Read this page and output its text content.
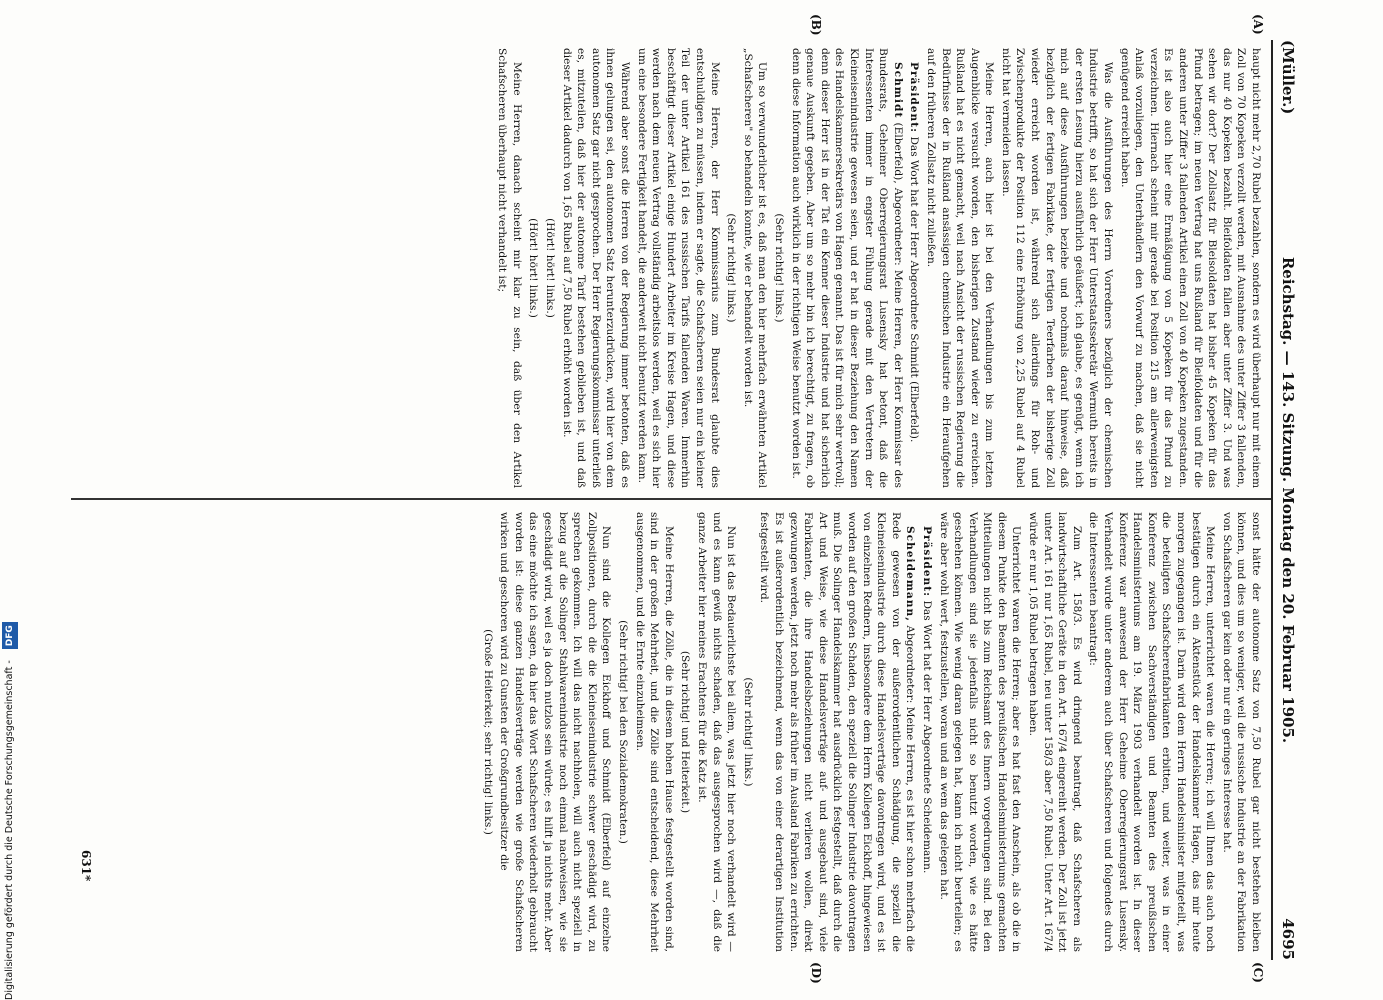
(Müller.)
Reichstag. — 143. Sitzung. Montag den 20. Februar 1905.
4695
(A)
(B)
(C)
(D)

haupt nicht mehr 2,70 Rubel bezahlen, sondern es wird überhaupt nur mit einem Zoll von 70 Kopeken verzollt werden, mit Ausnahme des unter Ziffer 3 fallenden, das nur 40 Kopeken bezahlt. Bleifoldaten fallen aber unter Ziffer 3. Und was sehen wir dort? Der Zollsatz für Bleisoldaten hat bisher 45 Kopeken für das Pfund betragen; im neuen Vertrag hat uns Rußland für Bleifoldaten und für die anderen unter Ziffer 3 fallenden Artikel einen Zoll von 40 Kopeken zugestanden. Es ist also auch hier eine Ermäßigung von 5 Kopeken für das Pfund zu verzeichnen. Hiernach scheint mir gerade bei Position 215 am allerwenigsten Anlaß vorzuliegen, den Unterhändlern den Vorwurf zu machen, daß sie nicht genügend erreicht haben.

Was die Ausführungen des Herrn Vorredners bezüglich der chemischen Industrie betrifft, so hat sich der Herr Unterstaatssekretär Wermuth bereits in der ersten Lesung hierzu ausführlich geäußert; ich glaube, es genügt, wenn ich mich auf diese Ausführungen beziehe und nochmals darauf hinweise, daß bezüglich der fertigen Fabrikate, der fertigen Teerfarben der bisherige Zoll wieder erreicht worden ist, während sich allerdings für Roh- und Zwischenprodukte der Position 112 eine Erhöhung von 2,25 Rubel auf 4 Rubel nicht hat vermeiden lassen.

Meine Herren, auch hier ist bei den Verhandlungen bis zum letzten Augenblicke versucht worden, den bisherigen Zustand wieder zu erreichen. Rußland hat es nicht gemacht, weil nach Ansicht der russischen Regierung die Bedürfnisse der in Rußland ansässigen chemischen Industrie ein Heraufgehen auf den früheren Zollsatz nicht zuließen.

Präsident: Das Wort hat der Herr Abgeordnete Schmidt (Elberfeld).

Schmidt (Elberfeld), Abgeordneter: Meine Herren, der Herr Kommissar des Bundesrats, Geheimer Oberregierungsrat Lusensky hat betont, daß die Interessenten immer in engster Fühlung gerade mit den Vertretern der Kleineisenindustrie gewesen seien, und er hat in dieser Beziehung den Namen des Handelskammersekretärs von Hagen genannt. Das ist für mich sehr wertvoll; denn dieser Herr ist in der Tat ein Kenner dieser Industrie und hat sicherlich genaue Auskunft gegeben. Aber um so mehr bin ich berechtigt, zu fragen, ob denn diese Information auch wirklich in der richtigen Weise benutzt worden ist.

(Sehr richtig! links.)

Um so verwunderlicher ist es, daß man den hier mehrfach erwähnten Artikel „Schafscheren" so behandeln konnte, wie er behandelt worden ist.

(Sehr richtig! links.)

Meine Herren, der Herr Kommissarius zum Bundesrat glaubte dies entschuldigen zu müssen, indem er sagte, die Schafscheren seien nur ein kleiner Teil der unter Artikel 161 des russischen Tarifs fallenden Waren. Immerhin beschäftigt dieser Artikel einige Hundert Arbeiter im Kreise Hagen, und diese werden nach dem neuen Vertrag vollständig arbeitslos werden, weil es sich hier um eine besondere Fertigkeit handelt, die anderweit nicht benutzt werden kann.

Während aber sonst die Herren von der Regierung immer betonten, daß es ihnen gelungen sei, den autonomen Satz herunterzudrücken, wird hier von dem autonomen Satz gar nicht gesprochen. Der Herr Regierungskommissar unterließ es, mitzuteilen, daß hier der autonome Tarif bestehen geblieben ist, und daß dieser Artikel dadurch von 1,65 Rubel auf 7,50 Rubel erhöht worden ist.

(Hört! hört! links.)

(Hört! hört! links.)

Meine Herren, danach scheint mir klar zu sein, daß über den Artikel Schafscheren überhaupt nicht verhandelt ist;

sonst hätte der autonome Satz von 7,50 Rubel gar nicht bestehen bleiben können, und dies um so weniger, weil die russische Industrie an der Fabrikation von Schafscheren gar kein oder nur ein geringes Interesse hat.

Meine Herren, unterrichtet waren die Herren; ich will Ihnen das auch noch bestätigen durch ein Aktenstück der Handelskammer Hagen, das mir heute morgen zugegangen ist. Darin wird dem Herrn Handelsminister mitgeteilt, was die beteiligten Schafscherenfabrikanten erbitten, und weiter, was in einer Konferenz zwischen Sachverständigen und Beamten des preußischen Handelsministeriums am 19. März 1903 verhandelt worden ist. In dieser Konferenz war anwesend der Herr Geheime Oberregierungsrat Lusensky. Verhandelt wurde unter anderem auch über Schafscheren und folgendes durch die Interessenten beantragt:

Zum Art. 158/3. Es wird dringend beantragt, daß Schafscheren als landwirtschaftliche Geräte in den Art. 167/4 eingereiht werden. Der Zoll ist jetzt unter Art. 161 nur 1,65 Rubel, neu unter 158/3 aber 7,50 Rubel. Unter Art. 167/4 würde er nur 1,05 Rubel betragen haben.

Unterrichtet waren die Herren; aber es hat fast den Anschein, als ob die in diesem Punkte den Beamten des preußischen Handelsministeriums gemachten Mitteilungen nicht bis zum Reichsamt des Innern vorgedrungen sind. Bei den Verhandlungen sind sie jedenfalls nicht so benutzt worden, wie es hätte geschehen können. Wie wenig daran gelegen hat, kann ich nicht beurteilen; es wäre aber wohl wert, festzustellen, woran und an wem das gelegen hat.

Präsident: Das Wort hat der Herr Abgeordnete Scheidemann.

Scheidemann, Abgeordneter: Meine Herren, es ist hier schon mehrfach die Rede gewesen von der außerordentlichen Schädigung, die speziell die Kleineisenindustrie durch diese Handelsverträge davontragen wird, und es ist von einzelnen Rednern, insbesondere dem Herrn Kollegen Eickhoff, hingewiesen worden auf den großen Schaden, den speziell die Solinger Industrie davontragen muß. Die Solinger Handelskammer hat ausdrücklich festgestellt, daß durch die Art und Weise, wie diese Handelsverträge auf- und ausgebaut sind, viele Fabrikanten, die ihre Handelsbeziehungen nicht verlieren wollen, direkt gezwungen werden, jetzt noch mehr als früher im Ausland Fabriken zu errichten. Es ist außerordentlich bezeichnend, wenn das von einer derartigen Institution festgestellt wird.

(Sehr richtig! links.)

Nun ist das Bedauerlichste bei allem, was jetzt hier noch verhandelt wird — und es kann gewiß nichts schaden, daß das ausgesprochen wird —, daß die ganze Arbeiter hier meines Erachtens für die Katz ist.

(Sehr richtig! und Heiterkeit.)

Meine Herren, die Zölle, die in diesem hohen Hause festgestellt worden sind, sind in der großen Mehrheit, und die Zölle sind entscheidend, diese Mehrheit ausgenommen, und die Ernte einzuheimsen.

(Sehr richtig! bei den Sozialdemokraten.)

Nun sind die Kollegen Eickhoff und Schmidt (Elberfeld) auf einzelne Zollpositionen, durch die die Kleineisenindustrie schwer geschädigt wird, zu sprechen gekommen. Ich will das nicht nachholen, will auch nicht speziell in bezug auf die Solinger Stahlwarenindustrie noch einmal nachweisen, wie sie geschädigt wird, weil es ja doch nutzlos sein würde; es hilft ja nichts mehr. Aber das eine möchte ich sagen, da hier das Wort Schafscheren wiederholt gebraucht worden ist: diese ganzen Handelsverträge werden wie große Schafscheren wirken und geschoren wird zu Gunsten der Großgrundbesitzer die

(Große Heiterkeit; sehr richtig! links.)

631*
Digitalisierung gefördert durch die Deutsche Forschungsgemeinschaft - DFG
